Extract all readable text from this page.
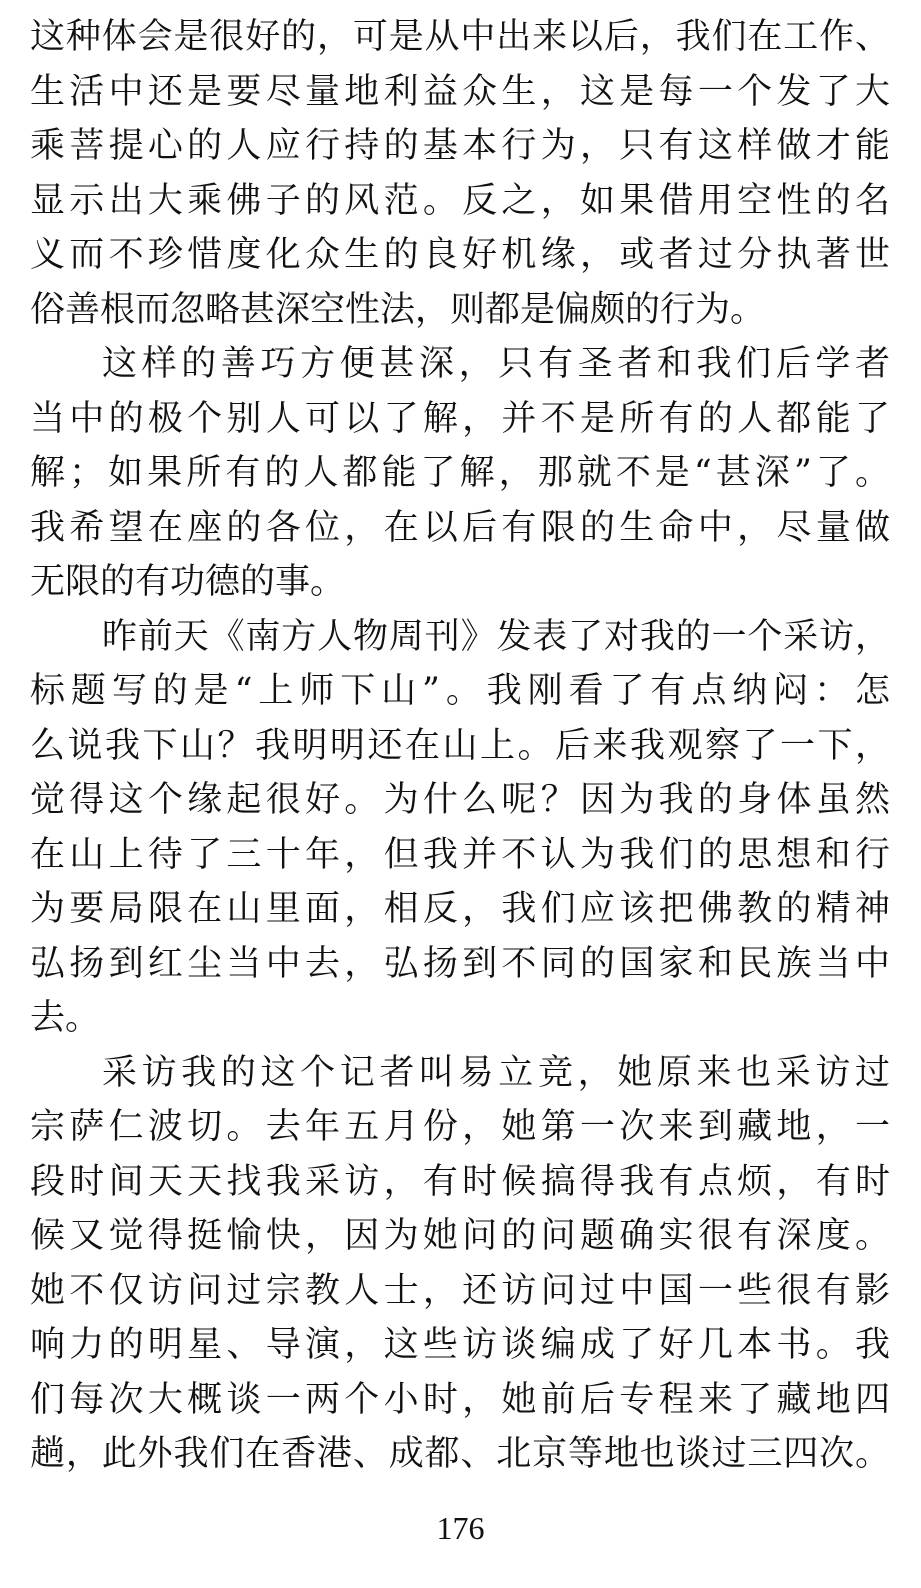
这种体会是很好的，可是从中出来以后，我们在工作、
生活中还是要尽量地利益众生，这是每一个发了大
乘菩提心的人应行持的基本行为，只有这样做才能
显示出大乘佛子的风范。反之，如果借用空性的名
义而不珍惜度化众生的良好机缘，或者过分执著世
俗善根而忽略甚深空性法，则都是偏颇的行为。
这样的善巧方便甚深，只有圣者和我们后学者
当中的极个别人可以了解，并不是所有的人都能了
解；如果所有的人都能了解，那就不是“甚深”了。
我希望在座的各位，在以后有限的生命中，尽量做
无限的有功德的事。
昨前天《南方人物周刊》发表了对我的一个采访，
标题写的是“上师下山”。我刚看了有点纳闷：怎
么说我下山？我明明还在山上。后来我观察了一下，
觉得这个缘起很好。为什么呢？因为我的身体虽然
在山上待了三十年，但我并不认为我们的思想和行
为要局限在山里面，相反，我们应该把佛教的精神
弘扬到红尘当中去，弘扬到不同的国家和民族当中
去。
采访我的这个记者叫易立竞，她原来也采访过
宗萨仁波切。去年五月份，她第一次来到藏地，一
段时间天天找我采访，有时候搞得我有点烦，有时
候又觉得挺愉快，因为她问的问题确实很有深度。
她不仅访问过宗教人士，还访问过中国一些很有影
响力的明星、导演，这些访谈编成了好几本书。我
们每次大概谈一两个小时，她前后专程来了藏地四
趟，此外我们在香港、成都、北京等地也谈过三四次。
176
